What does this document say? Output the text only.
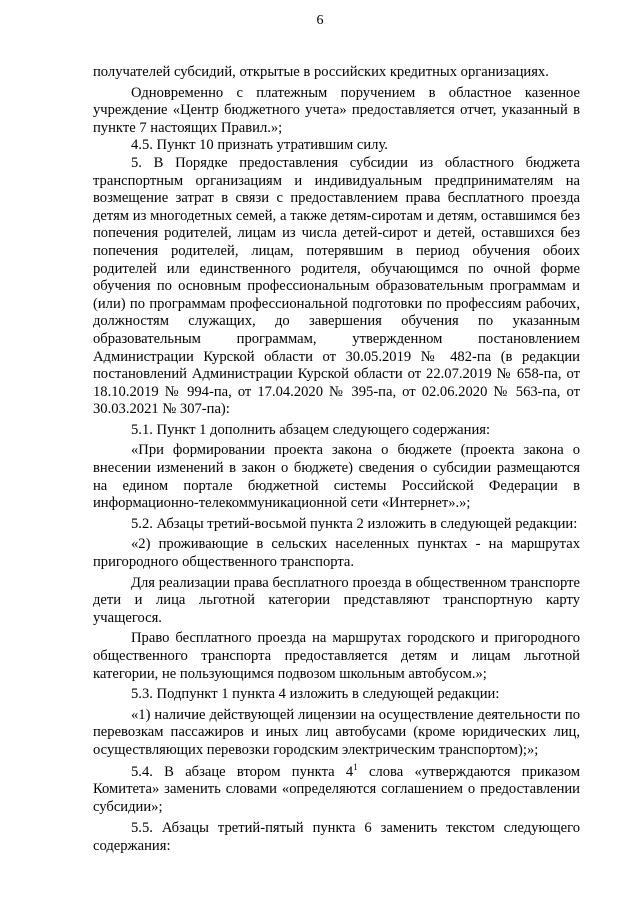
6

получателей субсидий, открытые в российских кредитных организациях.

Одновременно с платежным поручением в областное казенное учреждение «Центр бюджетного учета» предоставляется отчет, указанный в пункте 7 настоящих Правил.»;

4.5. Пункт 10 признать утратившим силу.

5. В Порядке предоставления субсидии из областного бюджета транспортным организациям и индивидуальным предпринимателям на возмещение затрат в связи с предоставлением права бесплатного проезда детям из многодетных семей, а также детям-сиротам и детям, оставшимся без попечения родителей, лицам из числа детей-сирот и детей, оставшихся без попечения родителей, лицам, потерявшим в период обучения обоих родителей или единственного родителя, обучающимся по очной форме обучения по основным профессиональным образовательным программам и (или) по программам профессиональной подготовки по профессиям рабочих, должностям служащих, до завершения обучения по указанным образовательным программам, утвержденном постановлением Администрации Курской области от 30.05.2019 № 482-па (в редакции постановлений Администрации Курской области от 22.07.2019 № 658-па, от 18.10.2019 № 994-па, от 17.04.2020 № 395-па, от 02.06.2020 № 563-па, от 30.03.2021 № 307-па):

5.1. Пункт 1 дополнить абзацем следующего содержания:

«При формировании проекта закона о бюджете (проекта закона о внесении изменений в закон о бюджете) сведения о субсидии размещаются на едином портале бюджетной системы Российской Федерации в информационно-телекоммуникационной сети «Интернет».»;

5.2. Абзацы третий-восьмой пункта 2 изложить в следующей редакции:

«2) проживающие в сельских населенных пунктах - на маршрутах пригородного общественного транспорта.

Для реализации права бесплатного проезда в общественном транспорте дети и лица льготной категории представляют транспортную карту учащегося.

Право бесплатного проезда на маршрутах городского и пригородного общественного транспорта предоставляется детям и лицам льготной категории, не пользующимся подвозом школьным автобусом.»;

5.3. Подпункт 1 пункта 4 изложить в следующей редакции:

«1) наличие действующей лицензии на осуществление деятельности по перевозкам пассажиров и иных лиц автобусами (кроме юридических лиц, осуществляющих перевозки городским электрическим транспортом);»;

5.4. В абзаце втором пункта $4^1$ слова «утверждаются приказом Комитета» заменить словами «определяются соглашением о предоставлении субсидии»;

5.5. Абзацы третий-пятый пункта 6 заменить текстом следующего содержания:
